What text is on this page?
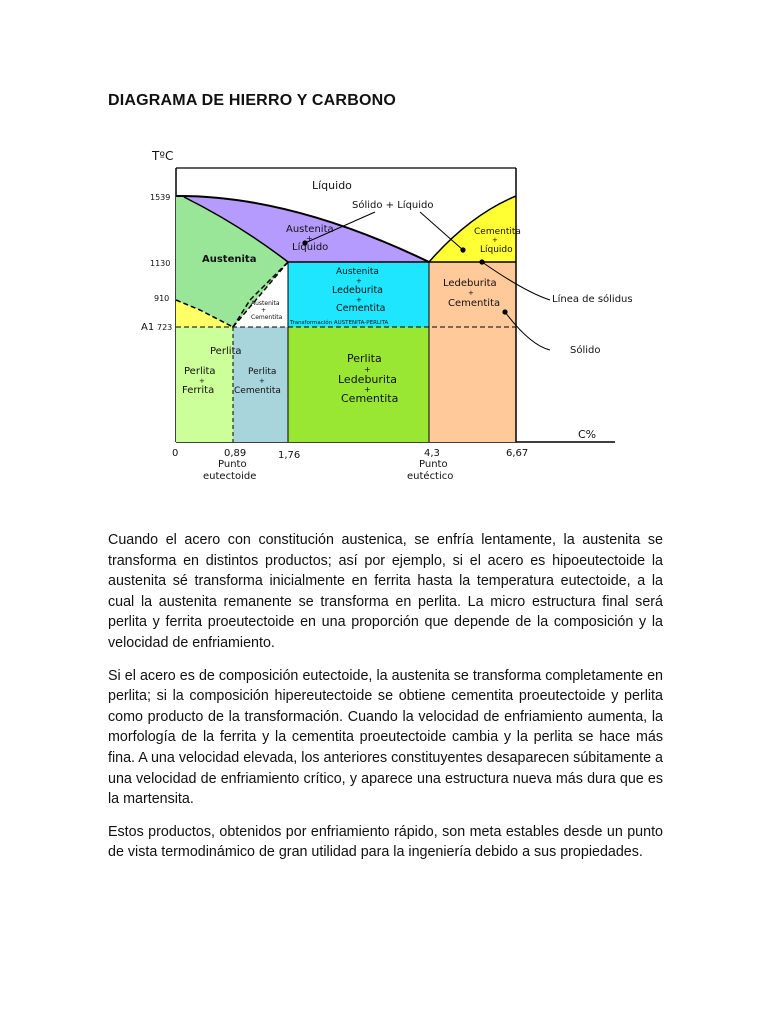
DIAGRAMA DE HIERRO Y CARBONO
TºC
C%
1539
1130
910
A1 723
0	0,89	1,76	4,3	6,67
Punto
eutectoide
Punto
eutéctico
Líquido
Sólido + Líquido
Austenita
+
Líquido
Cementita
+
Líquido
Austenita
Austenita
+
Cementita
Austenita
+
Ledeburita
+
Cementita
Transformación AUSTENITA-PERLITA
Ledeburita
+
Cementita
Perlita
Perlita
+
Ferrita
Perlita
+
Cementita
Perlita
+
Ledeburita
+
Cementita
Línea de sólidus
Sólido

Cuando el acero con constitución austenica, se enfría lentamente, la austenita se transforma en distintos productos; así por ejemplo, si el acero es hipoeutectoide la austenita sé transforma inicialmente en ferrita hasta la temperatura eutectoide, a la cual la austenita remanente se transforma en perlita. La micro estructura final será perlita y ferrita proeutectoide en una proporción que depende de la composición y la velocidad de enfriamiento.

Si el acero es de composición eutectoide, la austenita se transforma completamente en perlita; si la composición hipereutectoide se obtiene cementita proeutectoide y perlita como producto de la transformación. Cuando la velocidad de enfriamiento aumenta, la morfología de la ferrita y la cementita proeutectoide cambia y la perlita se hace más fina. A una velocidad elevada, los anteriores constituyentes desaparecen súbitamente a una velocidad de enfriamiento crítico, y aparece una estructura nueva más dura que es la martensita.

Estos productos, obtenidos por enfriamiento rápido, son meta estables desde un punto de vista termodinámico de gran utilidad para la ingeniería debido a sus propiedades.
